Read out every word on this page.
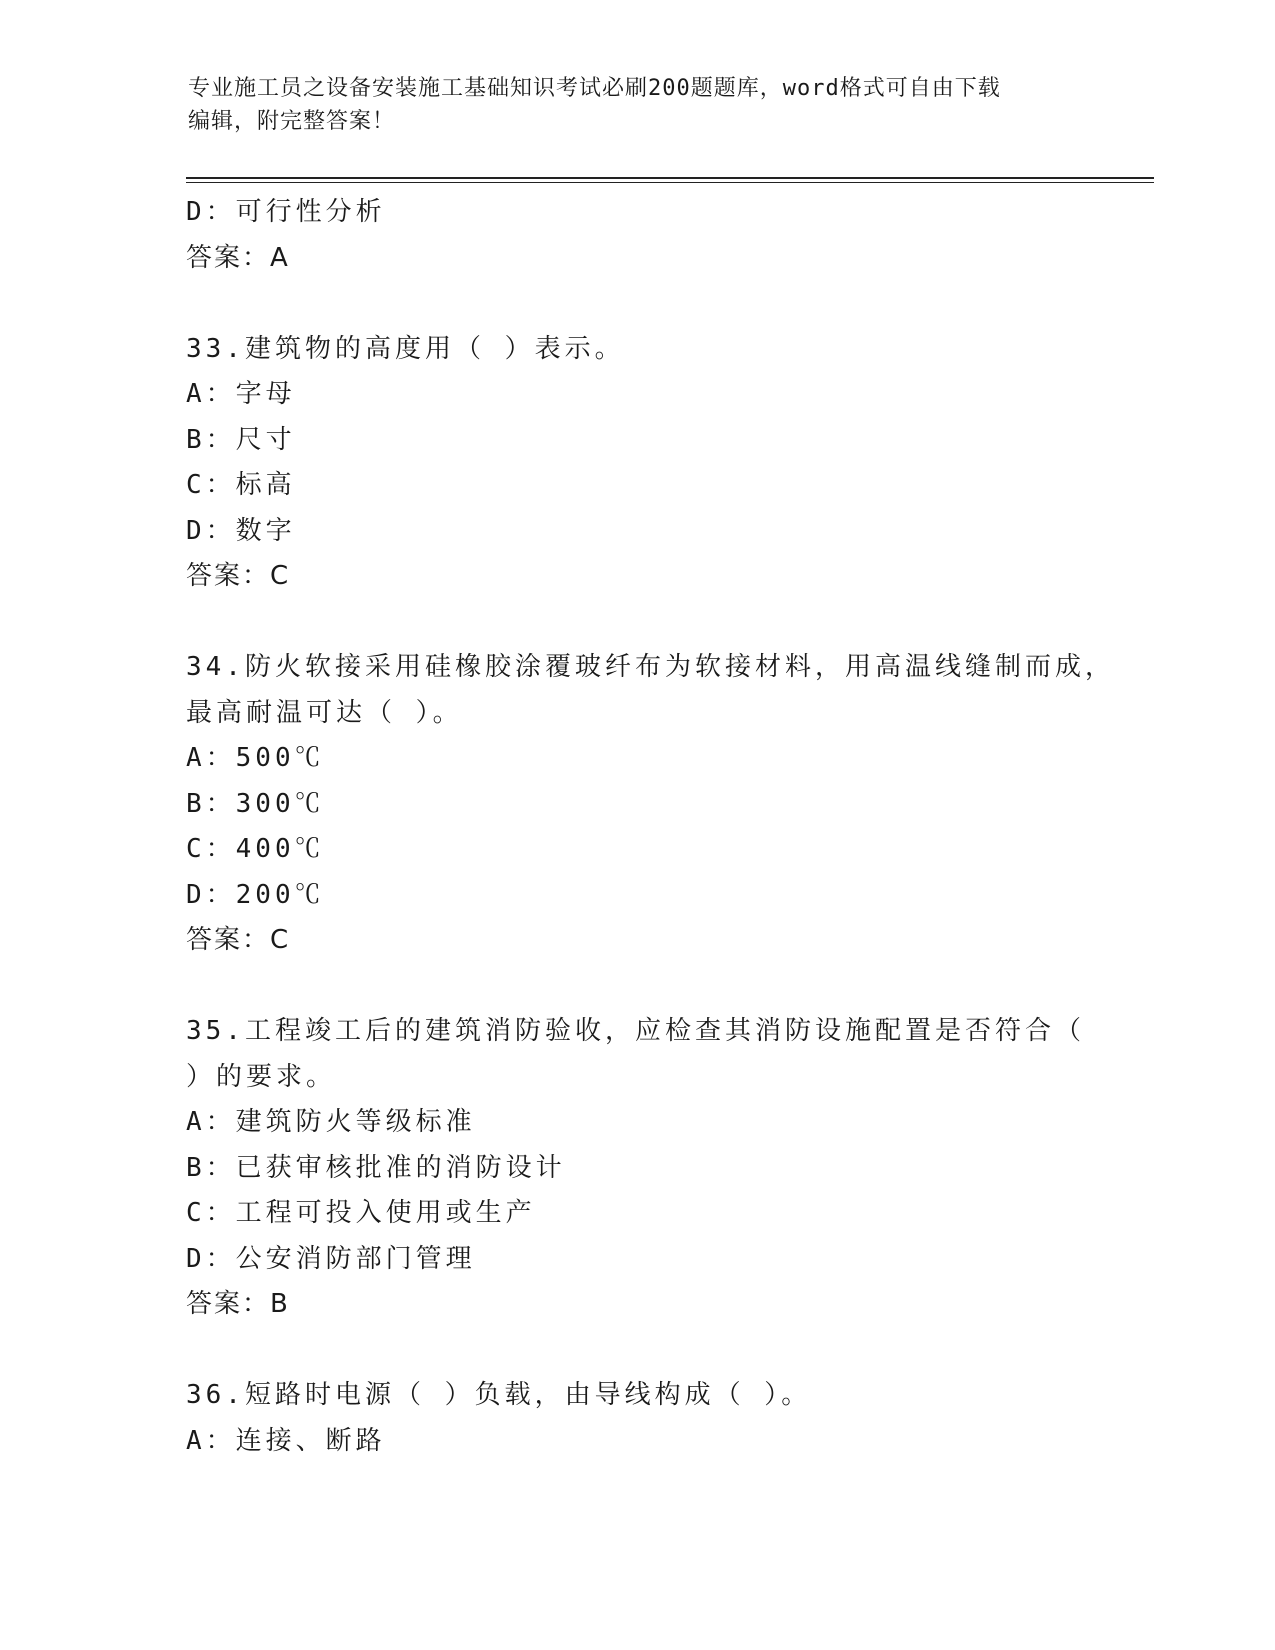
专业施工员之设备安装施工基础知识考试必刷200题题库，word格式可自由下载
编辑，附完整答案！
D：可行性分析
答案：A
33.建筑物的高度用（ ）表示。
A：字母
B：尺寸
C：标高
D：数字
答案：C
34.防火软接采用硅橡胶涂覆玻纤布为软接材料，用高温线缝制而成，
最高耐温可达（ ）。
A：500℃
B：300℃
C：400℃
D：200℃
答案：C
35.工程竣工后的建筑消防验收，应检查其消防设施配置是否符合（
）的要求。
A：建筑防火等级标准
B：已获审核批准的消防设计
C：工程可投入使用或生产
D：公安消防部门管理
答案：B
36.短路时电源（ ）负载，由导线构成（ ）。
A：连接、断路
